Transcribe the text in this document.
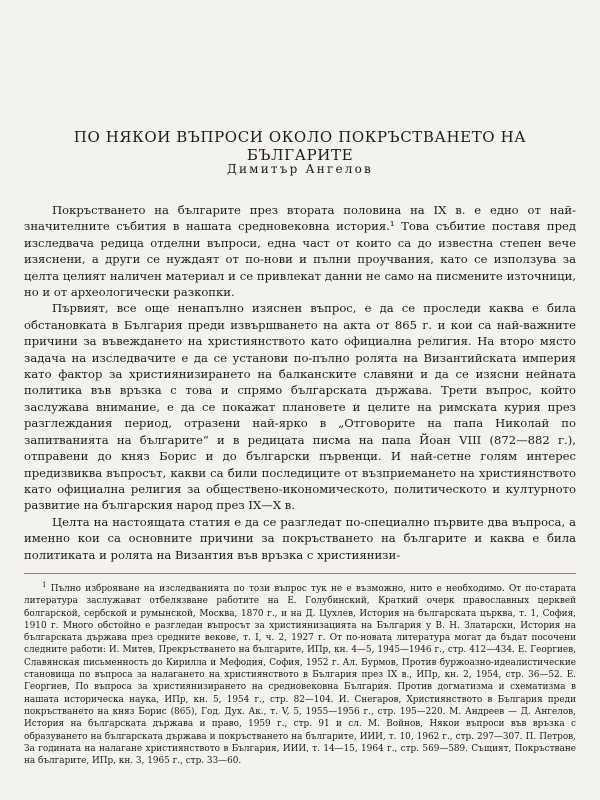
ПО НЯКОИ ВЪПРОСИ ОКОЛО ПОКРЪСТВАНЕТО НА БЪЛГАРИТЕ
Димитър Ангелов

Покръстването на българите през втората половина на IX в. е едно от най-значителните събития в нашата средновековна история.¹ Това събитие поставя пред изследвача редица отделни въпроси, една част от които са до известна степен вече изяснени, а други се нуждаят от по-нови и пълни проучвания, като се използува за целта целият наличен материал и се привлекат данни не само на писмените източници, но и от археологически разкопки.

Първият, все още ненапълно изяснен въпрос, е да се проследи каква е била обстановката в България преди извършването на акта от 865 г. и кои са най-важните причини за въвеждането на християнството като официална религия. На второ място задача на изследвачите е да се установи по-пълно ролята на Византийската империя като фактор за християнизирането на балканските славяни и да се изясни нейната политика във връзка с това и спрямо българската държава. Трети въпрос, който заслужава внимание, е да се покажат плановете и целите на римската курия през разглеждания период, отразени най-ярко в „Отговорите на папа Николай по запитванията на българите“ и в редицата писма на папа Йоан VIII (872—882 г.), отправени до княз Борис и до български първенци. И най-сетне голям интерес предизвиква въпросът, какви са били последиците от възприемането на християнството като официална религия за обществено-икономическото, политическото и културното развитие на българския народ през IX—X в.

Целта на настоящата статия е да се разгледат по-специално първите два въпроса, а именно кои са основните причини за покръстването на българите и каква е била политиката и ролята на Византия във връзка с християнизи-

$^1$ Пълно изброяване на изследванията по този въпрос тук не е възможно, нито е необходимо. От по-старата литература заслужават отбелязване работите на Е. Голубинский, Краткий очерк православных церквей болгарской, сербской и румынской, Москва, 1870 г., и на Д. Цухлев, История на българската църква, т. 1, София, 1910 г. Много обстойно е разгледан въпросът за християнизацията на България у В. Н. Златарски, История на българската държава през средните векове, т. I, ч. 2, 1927 г. От по-новата литература могат да бъдат посочени следните работи: И. Митев, Прекръстването на българите, ИПр, кн. 4—5, 1945—1946 г., стр. 412—434. Е. Георгиев, Славянская письменность до Кирилла и Мефодия, София, 1952 г. Ал. Бурмов, Против буржоазно-идеалистические становища по въпроса за налагането на християнството в България през IX в., ИПр, кн. 2, 1954, стр. 36—52. Е. Георгиев, По въпроса за християнизирането на средновековна България. Против догматизма и схематизма в нашата историческа наука, ИПр, кн. 5, 1954 г., стр. 82—104. И. Снегаров, Християнството в България преди покръстването на княз Борис (865), Год. Дух. Ак., т. V, 5, 1955—1956 г., стр. 195—220. М. Андреев — Д. Ангелов, История на българската държава и право, 1959 г., стр. 91 и сл. М. Войнов, Някои въпроси във връзка с образуването на българската държава и покръстването на българите, ИИИ, т. 10, 1962 г., стр. 297—307. П. Петров, За годината на налагане християнството в България, ИИИ, т. 14—15, 1964 г., стр. 569—589. Същият, Покръстване на българите, ИПр, кн. 3, 1965 г., стр. 33—60.
